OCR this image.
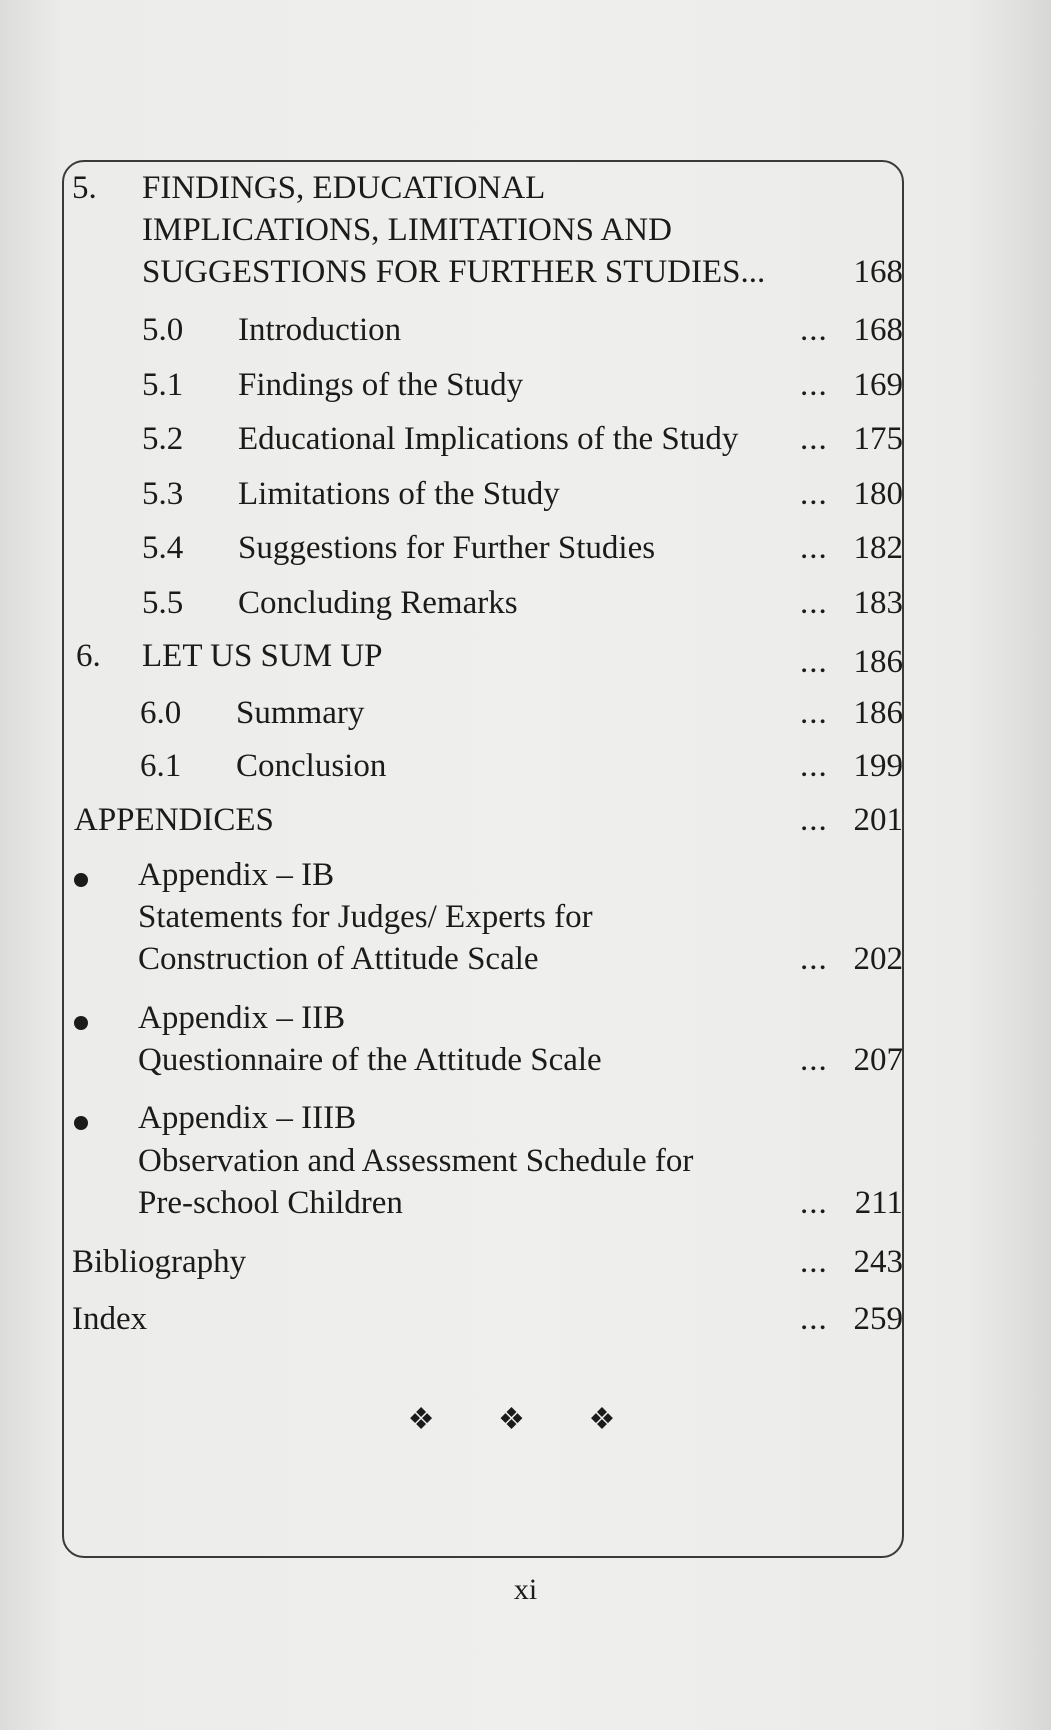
5. FINDINGS, EDUCATIONAL
IMPLICATIONS, LIMITATIONS AND
SUGGESTIONS FOR FURTHER STUDIES...	168
5.0 Introduction	... 168
5.1 Findings of the Study	... 169
5.2 Educational Implications of the Study ... 175
5.3 Limitations of the Study	... 180
5.4 Suggestions for Further Studies	... 182
5.5 Concluding Remarks	... 183
6. LET US SUM UP	... 186
6.0 Summary	... 186
6.1 Conclusion	... 199
APPENDICES	... 201
Appendix – IB
Statements for Judges/ Experts for
Construction of Attitude Scale	... 202
Appendix – IIB
Questionnaire of the Attitude Scale	... 207
Appendix – IIIB
Observation and Assessment Schedule for
Pre-school Children	... 211
Bibliography	... 243
Index	... 259
❖ ❖ ❖
xi
